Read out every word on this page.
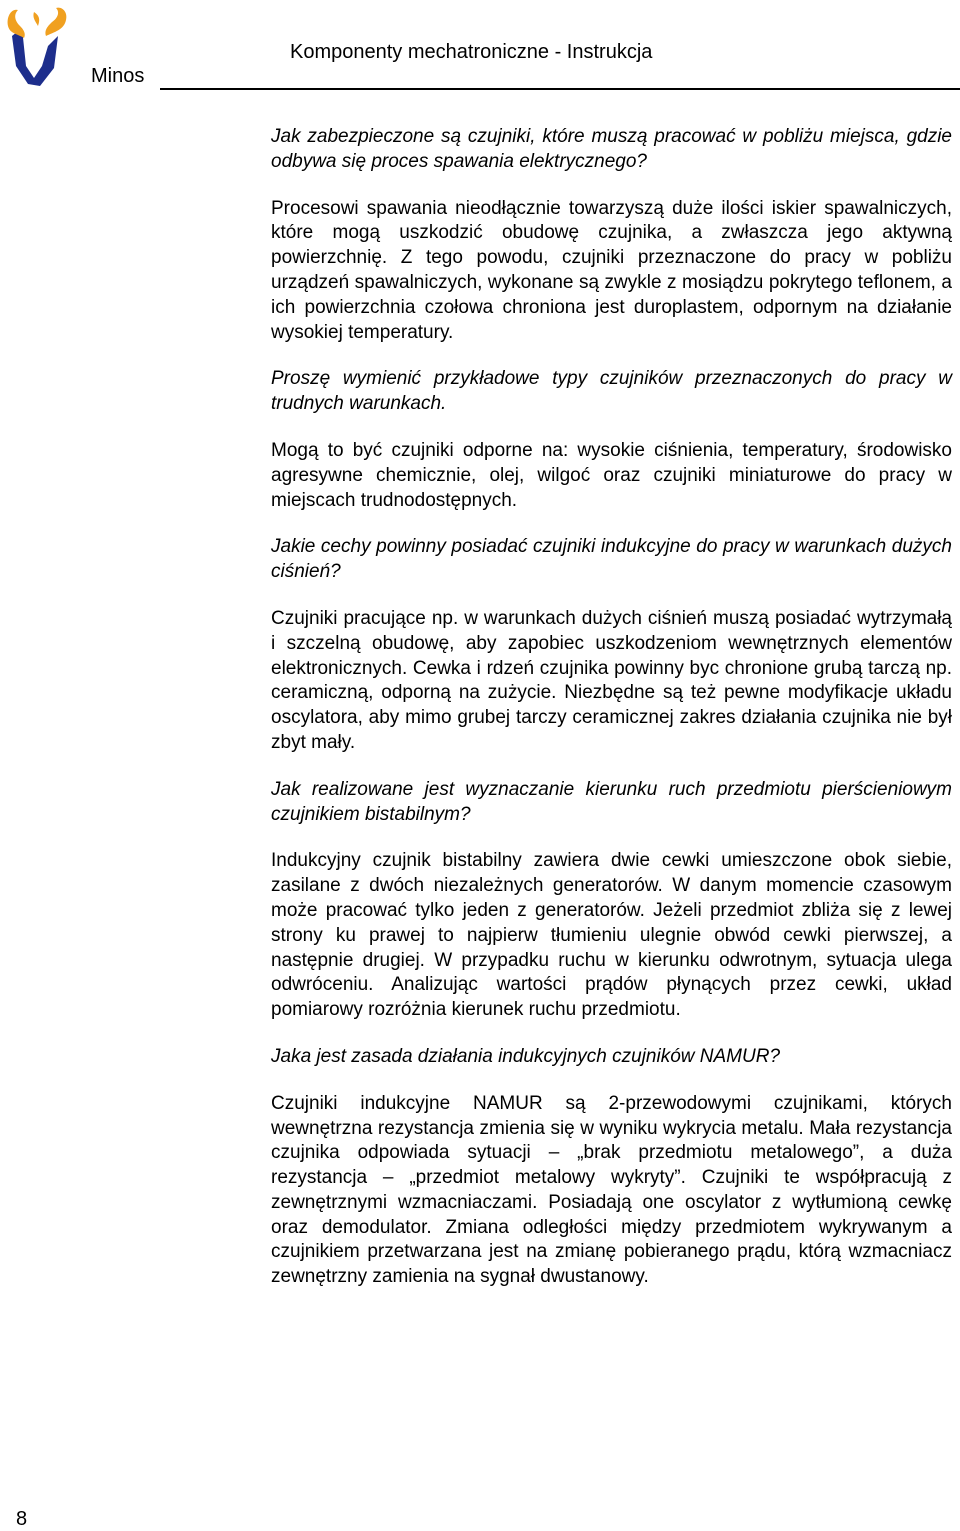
Minos
Komponenty mechatroniczne - Instrukcja

Jak zabezpieczone są czujniki, które muszą pracować w pobliżu miejsca, gdzie odbywa się proces spawania elektrycznego?

Procesowi spawania nieodłącznie towarzyszą duże ilości iskier spawalniczych, które mogą uszkodzić obudowę czujnika, a zwłaszcza jego aktywną powierzchnię. Z tego powodu, czujniki przeznaczone do pracy w pobliżu urządzeń spawalniczych, wykonane są zwykle z mosiądzu pokrytego teflonem, a ich powierzchnia czołowa chroniona jest duroplastem, odpornym na działanie wysokiej temperatury.

Proszę wymienić przykładowe typy czujników przeznaczonych do pracy w trudnych warunkach.

Mogą to być czujniki odporne na: wysokie ciśnienia, temperatury, środowisko agresywne chemicznie, olej, wilgoć oraz czujniki miniaturowe do pracy w miejscach trudnodostępnych.

Jakie cechy powinny posiadać czujniki indukcyjne do pracy w warunkach dużych ciśnień?

Czujniki pracujące np. w warunkach dużych ciśnień muszą posiadać wytrzymałą i szczelną obudowę, aby zapobiec uszkodzeniom wewnętrznych elementów elektronicznych. Cewka i rdzeń czujnika powinny byc chronione grubą tarczą np. ceramiczną, odporną na zużycie. Niezbędne są też pewne modyfikacje układu oscylatora, aby mimo grubej tarczy ceramicznej zakres działania czujnika nie był zbyt mały.

Jak realizowane jest wyznaczanie kierunku ruch przedmiotu pierścieniowym czujnikiem bistabilnym?

Indukcyjny czujnik bistabilny zawiera dwie cewki umieszczone obok siebie, zasilane z dwóch niezależnych generatorów. W danym momencie czasowym może pracować tylko jeden z generatorów. Jeżeli przedmiot zbliża się z lewej strony ku prawej to najpierw tłumieniu ulegnie obwód cewki pierwszej, a następnie drugiej. W przypadku ruchu w kierunku odwrotnym, sytuacja ulega odwróceniu. Analizując wartości prądów płynących przez cewki, układ pomiarowy rozróżnia kierunek ruchu przedmiotu.

Jaka jest zasada działania indukcyjnych czujników NAMUR?

Czujniki indukcyjne NAMUR są 2-przewodowymi czujnikami, których wewnętrzna rezystancja zmienia się w wyniku wykrycia metalu. Mała rezystancja czujnika odpowiada sytuacji – „brak przedmiotu metalowego”, a duża rezystancja – „przedmiot metalowy wykryty”. Czujniki te współpracują z zewnętrznymi wzmacniaczami. Posiadają one oscylator z wytłumioną cewkę oraz demodulator. Zmiana odległości między przedmiotem wykrywanym a czujnikiem przetwarzana jest na zmianę pobieranego prądu, którą wzmacniacz zewnętrzny zamienia na sygnał dwustanowy.

8
